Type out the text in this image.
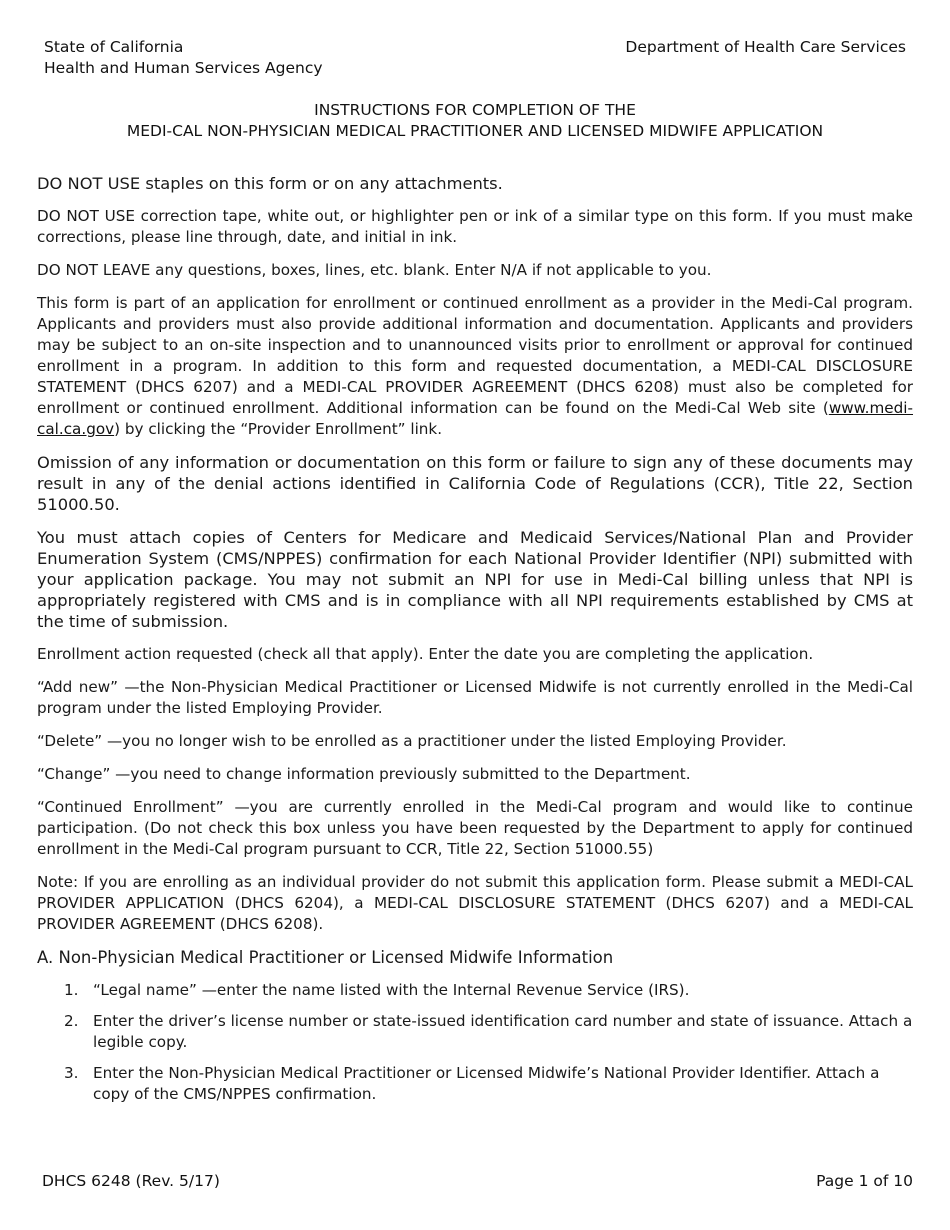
State of California
Health and Human Services Agency
Department of Health Care Services
INSTRUCTIONS FOR COMPLETION OF THE
MEDI-CAL NON-PHYSICIAN MEDICAL PRACTITIONER AND LICENSED MIDWIFE APPLICATION

DO NOT USE staples on this form or on any attachments.

DO NOT USE correction tape, white out, or highlighter pen or ink of a similar type on this form. If you must make corrections, please line through, date, and initial in ink.

DO NOT LEAVE any questions, boxes, lines, etc. blank. Enter N/A if not applicable to you.

This form is part of an application for enrollment or continued enrollment as a provider in the Medi-Cal program. Applicants and providers must also provide additional information and documentation. Applicants and providers may be subject to an on-site inspection and to unannounced visits prior to enrollment or approval for continued enrollment in a program. In addition to this form and requested documentation, a MEDI-CAL DISCLOSURE STATEMENT (DHCS 6207) and a MEDI-CAL PROVIDER AGREEMENT (DHCS 6208) must also be completed for enrollment or continued enrollment. Additional information can be found on the Medi-Cal Web site (www.medi-cal.ca.gov) by clicking the “Provider Enrollment” link.

Omission of any information or documentation on this form or failure to sign any of these documents may result in any of the denial actions identified in California Code of Regulations (CCR), Title 22, Section 51000.50.

You must attach copies of Centers for Medicare and Medicaid Services/National Plan and Provider Enumeration System (CMS/NPPES) confirmation for each National Provider Identifier (NPI) submitted with your application package. You may not submit an NPI for use in Medi-Cal billing unless that NPI is appropriately registered with CMS and is in compliance with all NPI requirements established by CMS at the time of submission.

Enrollment action requested (check all that apply). Enter the date you are completing the application.

“Add new” —the Non-Physician Medical Practitioner or Licensed Midwife is not currently enrolled in the Medi-Cal program under the listed Employing Provider.

“Delete” —you no longer wish to be enrolled as a practitioner under the listed Employing Provider.

“Change” —you need to change information previously submitted to the Department.

“Continued Enrollment” —you are currently enrolled in the Medi-Cal program and would like to continue participation. (Do not check this box unless you have been requested by the Department to apply for continued enrollment in the Medi-Cal program pursuant to CCR, Title 22, Section 51000.55)

Note: If you are enrolling as an individual provider do not submit this application form. Please submit a MEDI-CAL PROVIDER APPLICATION (DHCS 6204), a MEDI-CAL DISCLOSURE STATEMENT (DHCS 6207) and a MEDI-CAL PROVIDER AGREEMENT (DHCS 6208).

A. Non-Physician Medical Practitioner or Licensed Midwife Information
1. “Legal name” —enter the name listed with the Internal Revenue Service (IRS).
2. Enter the driver’s license number or state-issued identification card number and state of issuance. Attach a legible copy.
3. Enter the Non-Physician Medical Practitioner or Licensed Midwife’s National Provider Identifier. Attach a copy of the CMS/NPPES confirmation.
DHCS 6248 (Rev. 5/17)	Page 1 of 10
